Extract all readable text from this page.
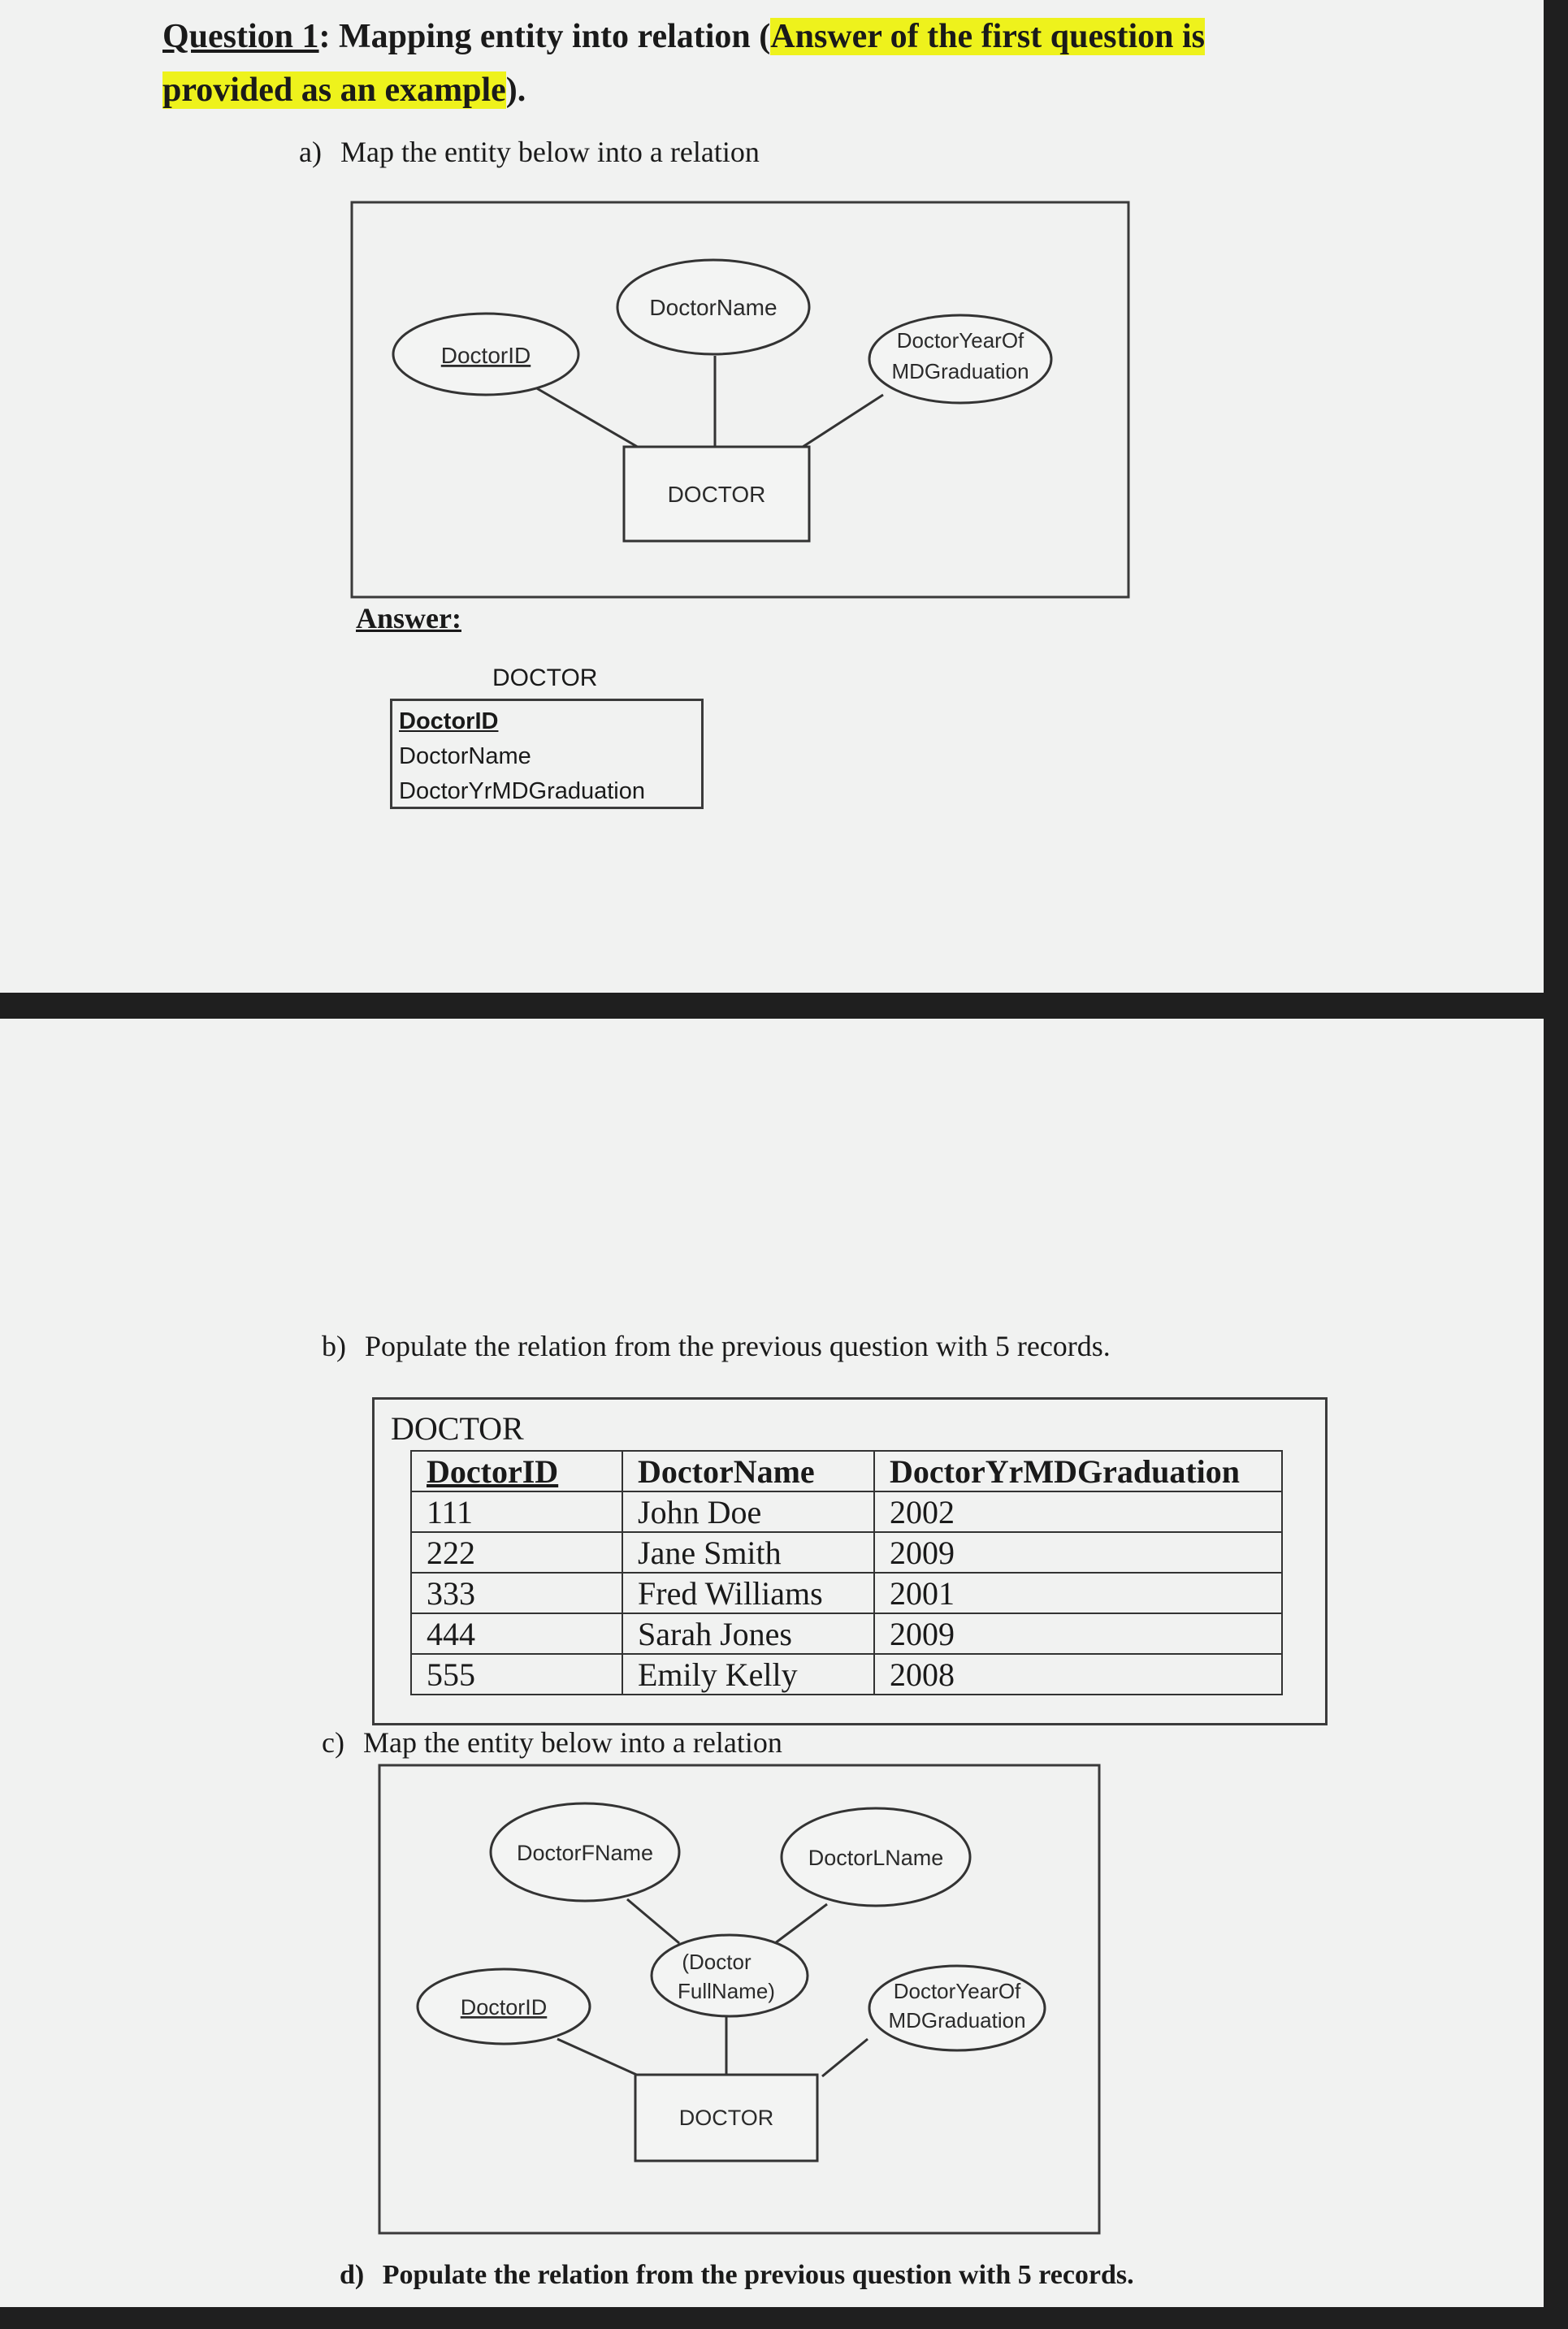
Question 1: Mapping entity into relation (Answer of the first question is
provided as an example).
a) Map the entity below into a relation
DoctorID
DoctorName
DoctorYearOf
MDGraduation
DOCTOR
Answer:
DOCTOR
DoctorID
DoctorName
DoctorYrMDGraduation
b) Populate the relation from the previous question with 5 records.
DOCTOR
DoctorID	DoctorName	DoctorYrMDGraduation
111	John Doe	2002
222	Jane Smith	2009
333	Fred Williams	2001
444	Sarah Jones	2009
555	Emily Kelly	2008
c) Map the entity below into a relation
DoctorFName	DoctorLName
(Doctor
FullName)
DoctorID
DoctorYearOf
MDGraduation
DOCTOR
d) Populate the relation from the previous question with 5 records.
